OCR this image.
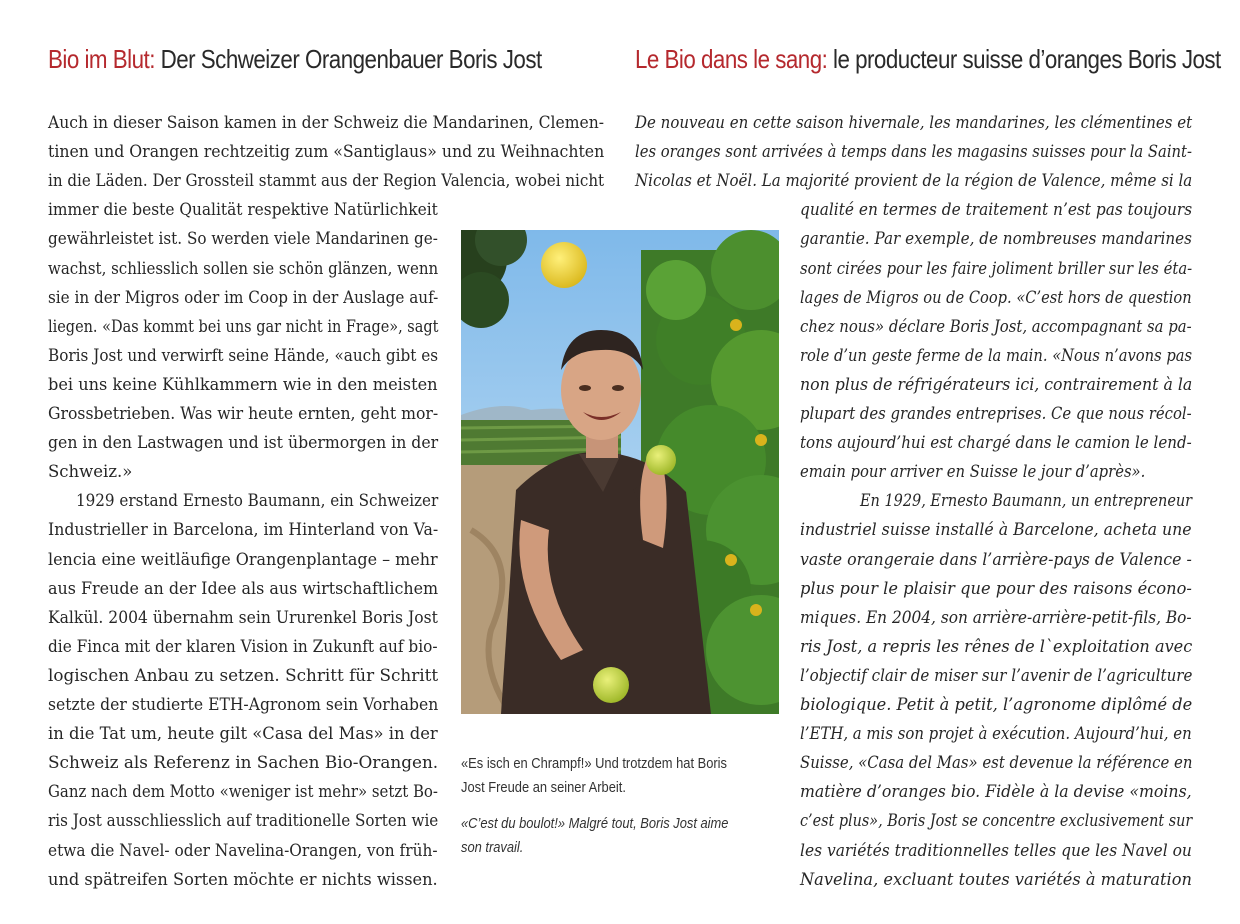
Bio im Blut: Der Schweizer Orangenbauer Boris Jost	Le Bio dans le sang: le producteur suisse d’oranges Boris Jost
Auch in dieser Saison kamen in der Schweiz die Mandarinen, Clemen-
tinen und Orangen rechtzeitig zum «Santiglaus» und zu Weihnachten
in die Läden. Der Grossteil stammt aus der Region Valencia, wobei nicht
immer die beste Qualität respektive Natürlichkeit
gewährleistet ist. So werden viele Mandarinen ge-
wachst, schliesslich sollen sie schön glänzen, wenn
sie in der Migros oder im Coop in der Auslage auf-
liegen. «Das kommt bei uns gar nicht in Frage», sagt
Boris Jost und verwirft seine Hände, «auch gibt es
bei uns keine Kühlkammern wie in den meisten
Grossbetrieben. Was wir heute ernten, geht mor-
gen in den Lastwagen und ist übermorgen in der
Schweiz.»
1929 erstand Ernesto Baumann, ein Schweizer
Industrieller in Barcelona, im Hinterland von Va-
lencia eine weitläufige Orangenplantage – mehr
aus Freude an der Idee als aus wirtschaftlichem
Kalkül. 2004 übernahm sein Ururenkel Boris Jost
die Finca mit der klaren Vision in Zukunft auf bio-
logischen Anbau zu setzen. Schritt für Schritt
setzte der studierte ETH-Agronom sein Vorhaben
in die Tat um, heute gilt «Casa del Mas» in der
Schweiz als Referenz in Sachen Bio-Orangen.
Ganz nach dem Motto «weniger ist mehr» setzt Bo-
ris Jost ausschliesslich auf traditionelle Sorten wie
etwa die Navel- oder Navelina-Orangen, von früh-
und spätreifen Sorten möchte er nichts wissen.
De nouveau en cette saison hivernale, les mandarines, les clémentines et
les oranges sont arrivées à temps dans les magasins suisses pour la Saint-
Nicolas et Noël. La majorité provient de la région de Valence, même si la
qualité en termes de traitement n’est pas toujours
garantie. Par exemple, de nombreuses mandarines
sont cirées pour les faire joliment briller sur les éta-
lages de Migros ou de Coop. «C’est hors de question
chez nous» déclare Boris Jost, accompagnant sa pa-
role d’un geste ferme de la main. «Nous n’avons pas
non plus de réfrigérateurs ici, contrairement à la
plupart des grandes entreprises. Ce que nous récol-
tons aujourd’hui est chargé dans le camion le lend-
emain pour arriver en Suisse le jour d’après».
En 1929, Ernesto Baumann, un entrepreneur
industriel suisse installé à Barcelone, acheta une
vaste orangeraie dans l’arrière-pays de Valence -
plus pour le plaisir que pour des raisons écono-
miques. En 2004, son arrière-arrière-petit-fils, Bo-
ris Jost, a repris les rênes de l`exploitation avec
l’objectif clair de miser sur l’avenir de l’agriculture
biologique. Petit à petit, l’agronome diplômé de
l’ETH, a mis son projet à exécution. Aujourd’hui, en
Suisse, «Casa del Mas» est devenue la référence en
matière d’oranges bio. Fidèle à la devise «moins,
c’est plus», Boris Jost se concentre exclusivement sur
les variétés traditionnelles telles que les Navel ou
Navelina, excluant toutes variétés à maturation
«Es isch en Chrampf!» Und trotzdem hat Boris
Jost Freude an seiner Arbeit.
«C’est du boulot!» Malgré tout, Boris Jost aime
son travail.
